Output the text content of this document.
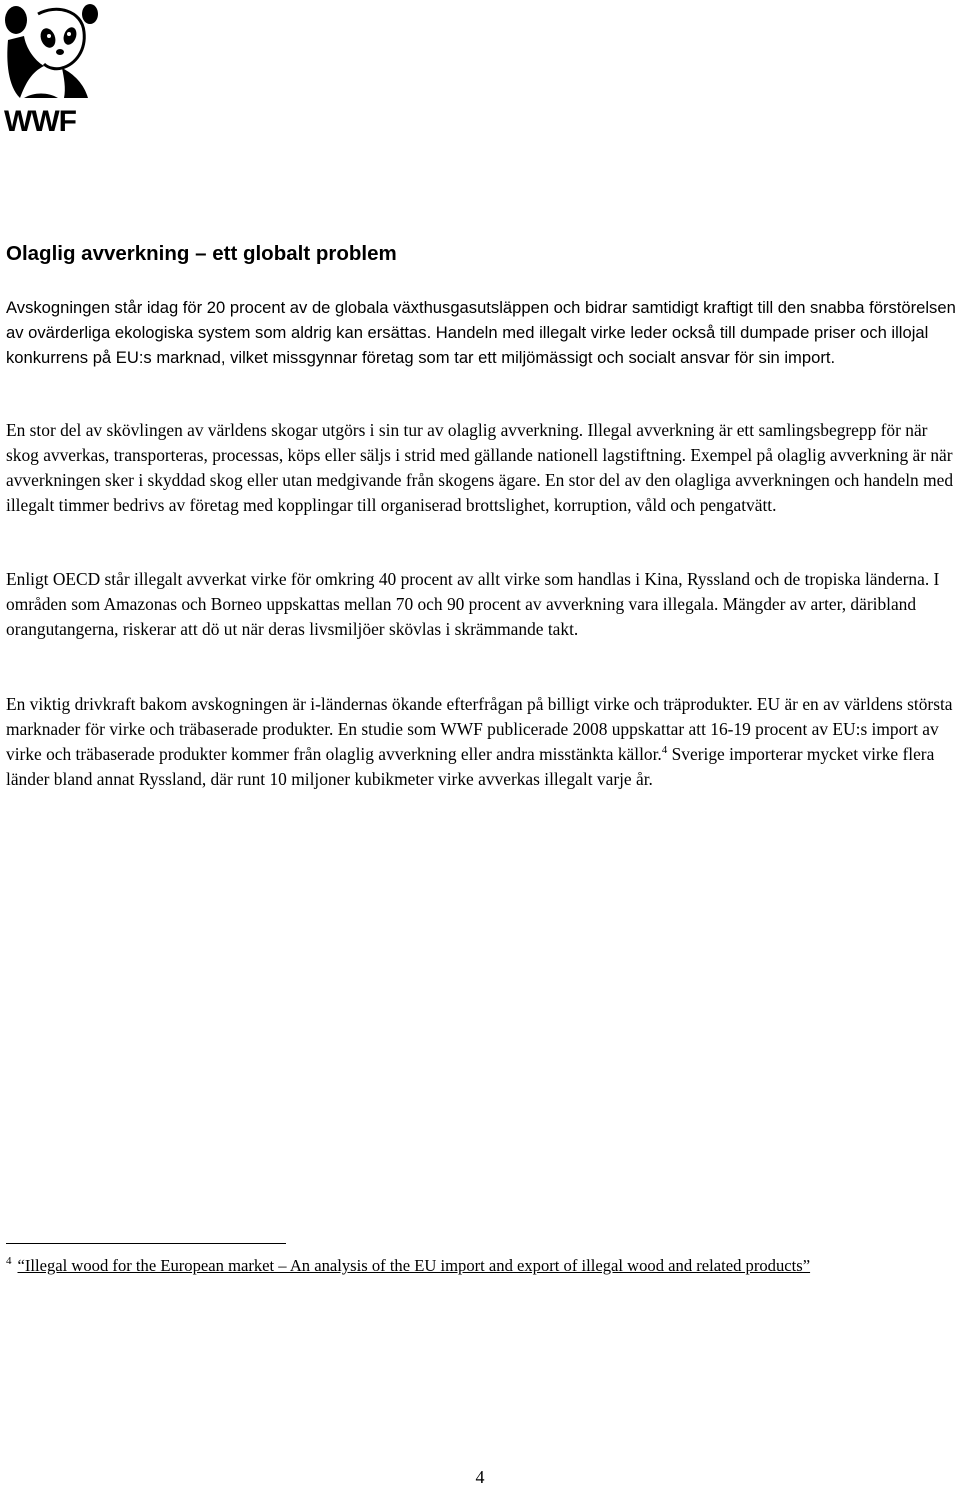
WWF
Olaglig avverkning – ett globalt problem

Avskogningen står idag för 20 procent av de globala växthusgasutsläppen och bidrar samtidigt kraftigt till den snabba förstörelsen av ovärderliga ekologiska system som aldrig kan ersättas. Handeln med illegalt virke leder också till dumpade priser och illojal konkurrens på EU:s marknad, vilket missgynnar företag som tar ett miljömässigt och socialt ansvar för sin import.

En stor del av skövlingen av världens skogar utgörs i sin tur av olaglig avverkning. Illegal avverkning är ett samlingsbegrepp för när skog avverkas, transporteras, processas, köps eller säljs i strid med gällande nationell lagstiftning. Exempel på olaglig avverkning är när avverkningen sker i skyddad skog eller utan medgivande från skogens ägare. En stor del av den olagliga avverkningen och handeln med illegalt timmer bedrivs av företag med kopplingar till organiserad brottslighet, korruption, våld och pengatvätt.

Enligt OECD står illegalt avverkat virke för omkring 40 procent av allt virke som handlas i Kina, Ryssland och de tropiska länderna. I områden som Amazonas och Borneo uppskattas mellan 70 och 90 procent av avverkning vara illegala. Mängder av arter, däribland orangutangerna, riskerar att dö ut när deras livsmiljöer skövlas i skrämmande takt.

En viktig drivkraft bakom avskogningen är i-ländernas ökande efterfrågan på billigt virke och träprodukter. EU är en av världens största marknader för virke och träbaserade produkter. En studie som WWF publicerade 2008 uppskattar att 16-19 procent av EU:s import av virke och träbaserade produkter kommer från olaglig avverkning eller andra misstänkta källor.$^4$ Sverige importerar mycket virke flera länder bland annat Ryssland, där runt 10 miljoner kubikmeter virke avverkas illegalt varje år.

$^4$ “Illegal wood for the European market – An analysis of the EU import and export of illegal wood and related products”

4
